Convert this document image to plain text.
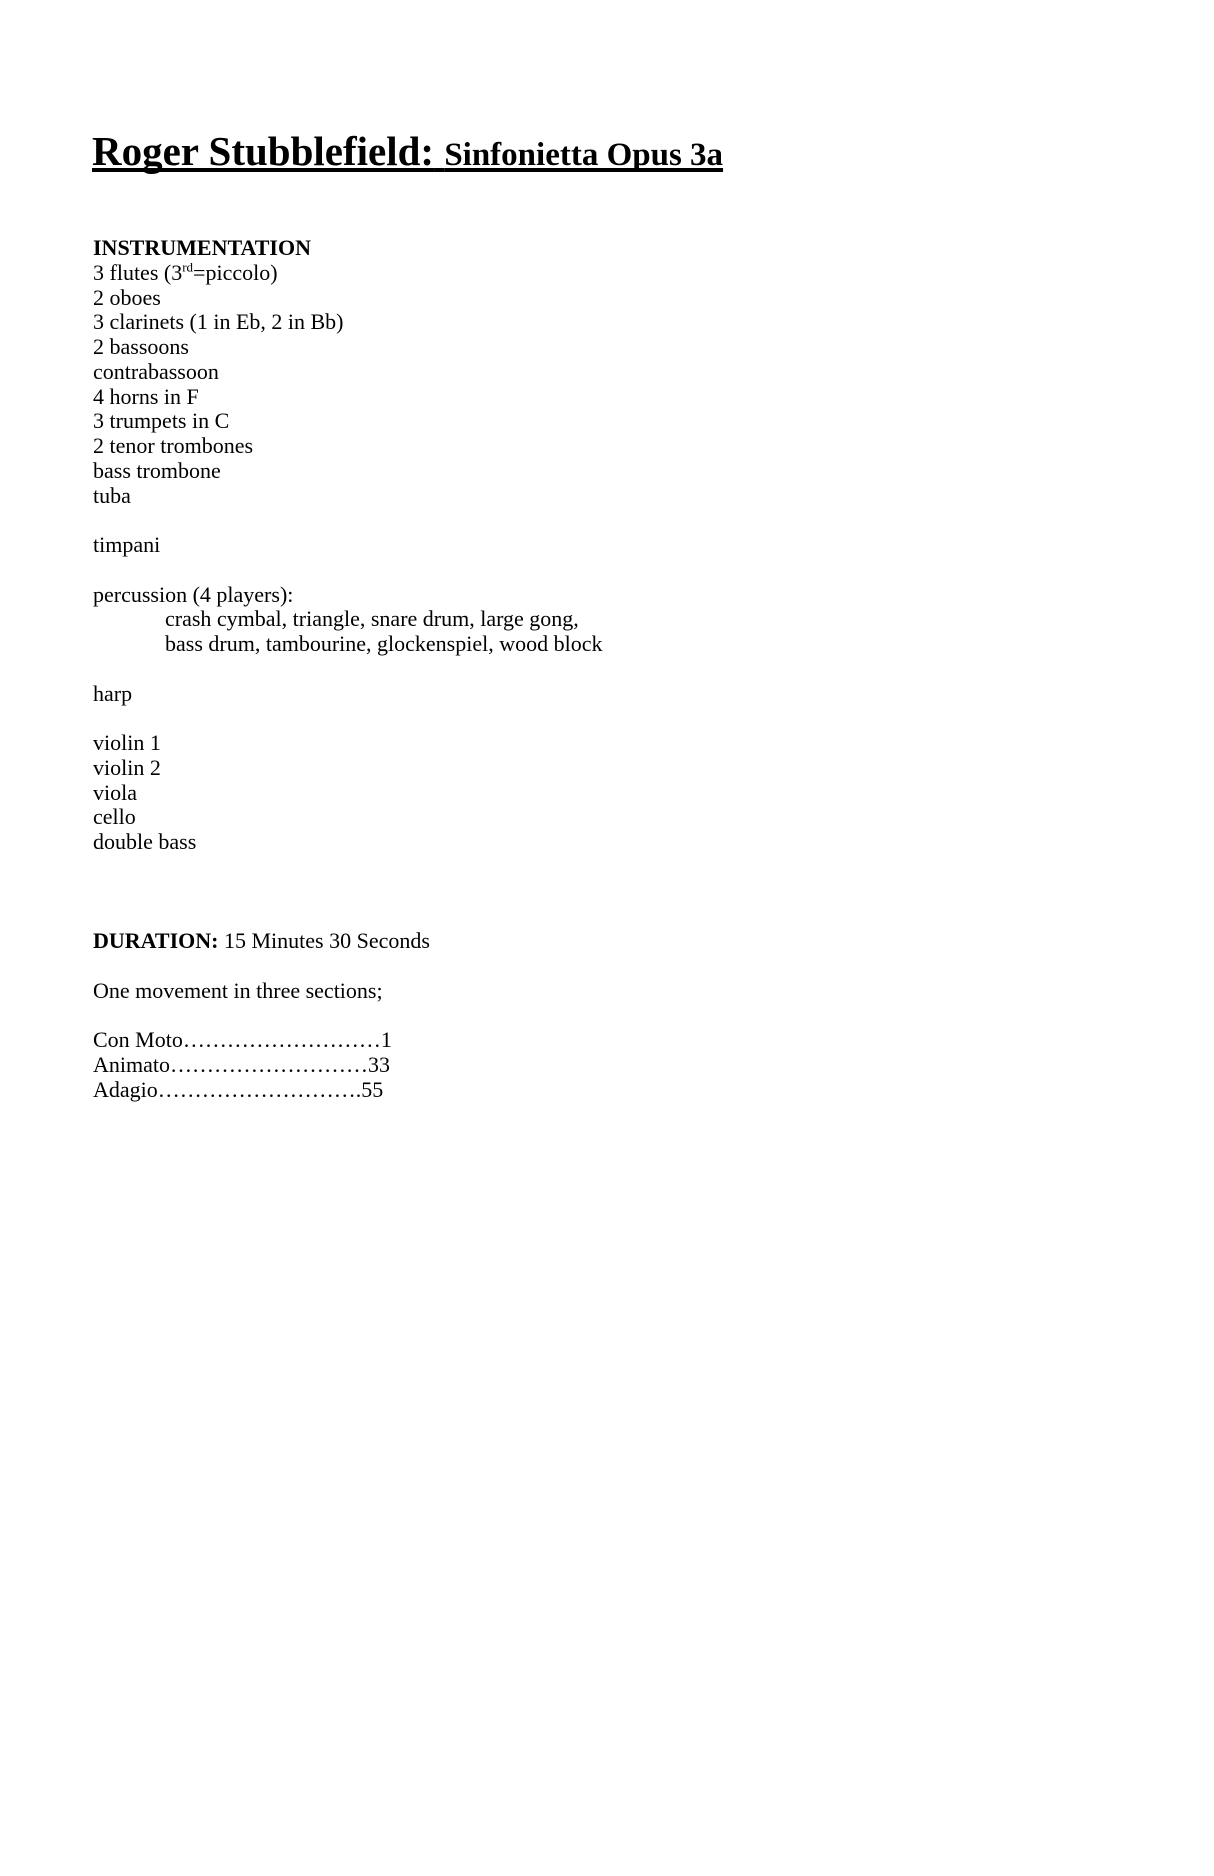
Roger Stubblefield: Sinfonietta Opus 3a
INSTRUMENTATION
3 flutes (3rd=piccolo)
2 oboes
3 clarinets (1 in Eb, 2 in Bb)
2 bassoons
contrabassoon
4 horns in F
3 trumpets in C
2 tenor trombones
bass trombone
tuba

timpani

percussion (4 players):
crash cymbal, triangle, snare drum, large gong,
bass drum, tambourine, glockenspiel, wood block

harp

violin 1
violin 2
viola
cello
double bass

DURATION: 15 Minutes 30 Seconds

One movement in three sections;

Con Moto………………………1
Animato………………………33
Adagio……………………….55
